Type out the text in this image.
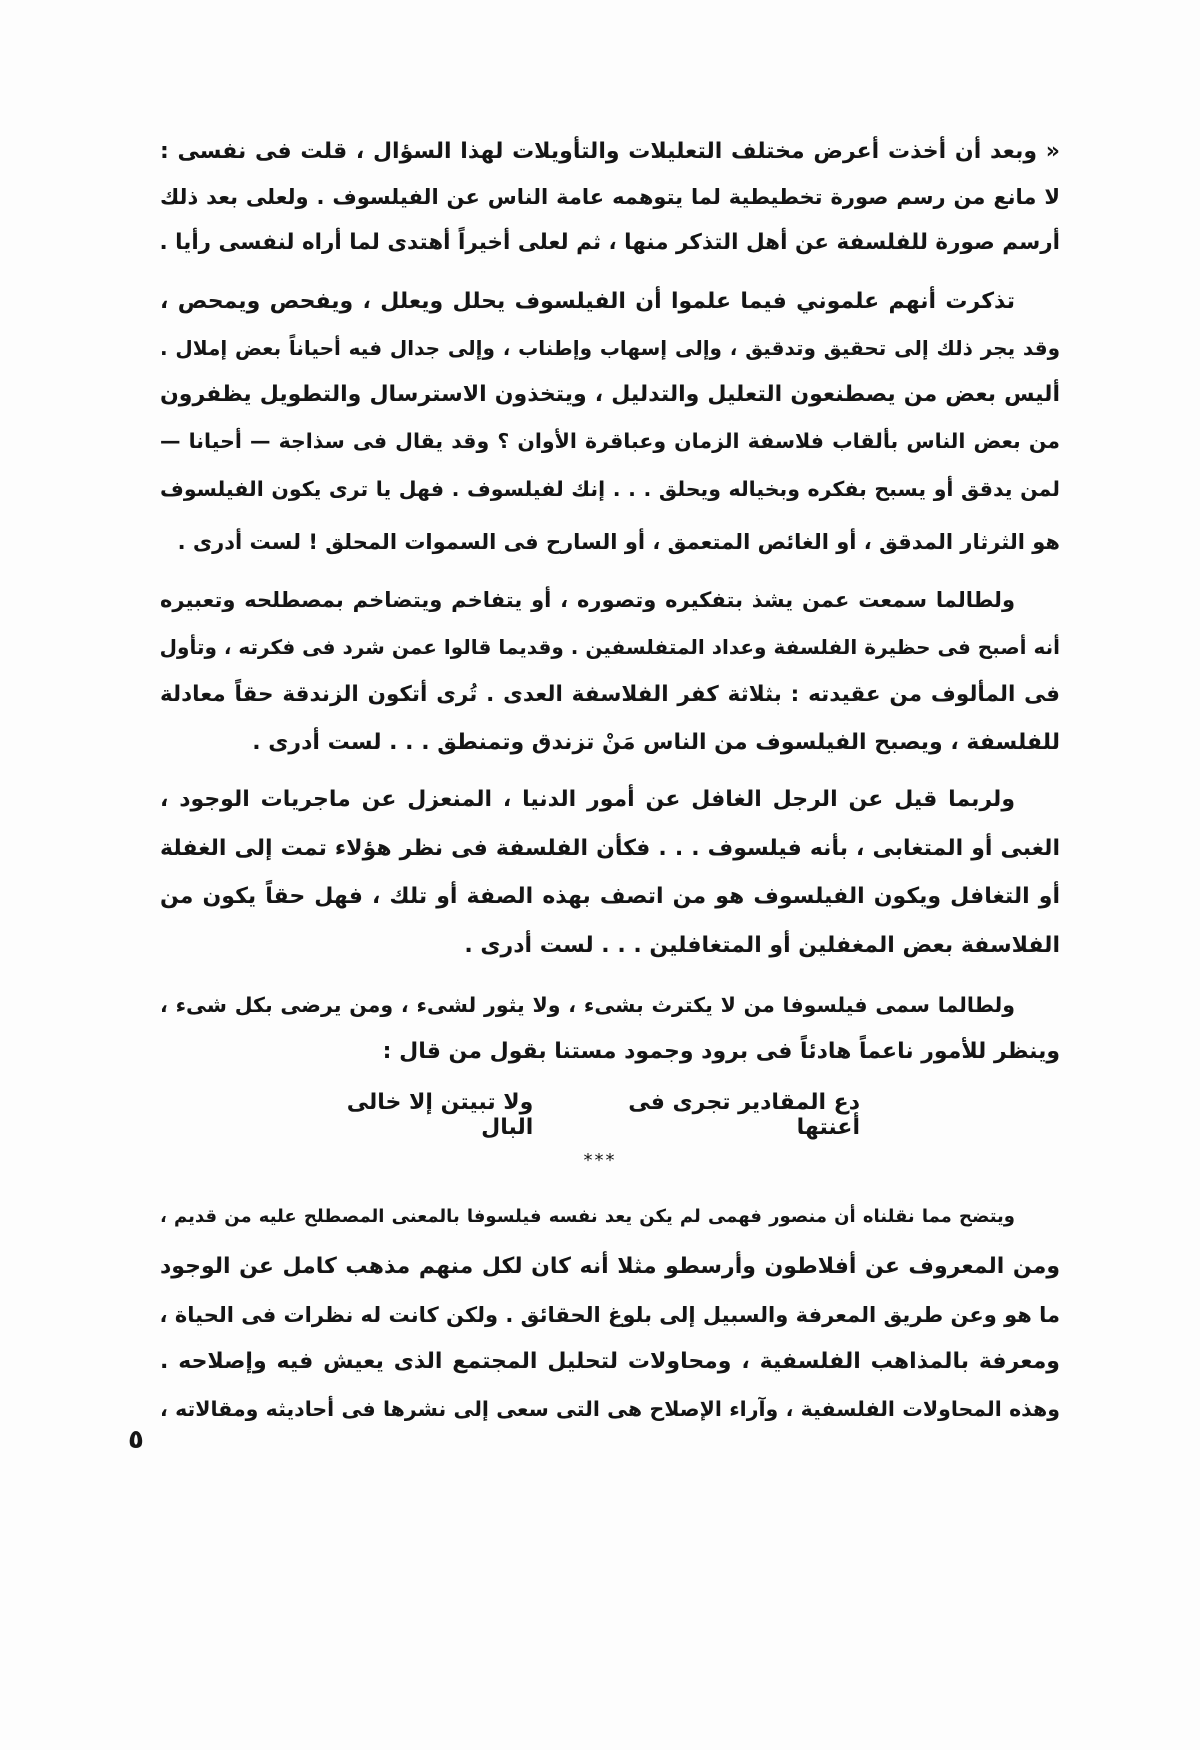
« وبعد أن أخذت أعرض مختلف التعليلات والتأويلات لهذا السؤال ، قلت فى نفسى :
لا مانع من رسم صورة تخطيطية لما يتوهمه عامة الناس عن الفيلسوف . ولعلى بعد ذلك
أرسم صورة للفلسفة عن أهل التذكر منها ، ثم لعلى أخيراً أهتدى لما أراه لنفسى رأيا .
تذكرت أنهم علموني فيما علموا أن الفيلسوف يحلل ويعلل ، ويفحص ويمحص ،
وقد يجر ذلك إلى تحقيق وتدقيق ، وإلى إسهاب وإطناب ، وإلى جدال فيه أحياناً بعض إملال .
أليس بعض من يصطنعون التعليل والتدليل ، ويتخذون الاسترسال والتطويل يظفرون
من بعض الناس بألقاب فلاسفة الزمان وعباقرة الأوان ؟ وقد يقال فى سذاجة — أحيانا —
لمن يدقق أو يسبح بفكره وبخياله ويحلق . . . إنك لفيلسوف . فهل يا ترى يكون الفيلسوف
هو الثرثار المدقق ، أو الغائص المتعمق ، أو السارح فى السموات المحلق ! لست أدرى .
ولطالما سمعت عمن يشذ بتفكيره وتصوره ، أو يتفاخم ويتضاخم بمصطلحه وتعبيره
أنه أصبح فى حظيرة الفلسفة وعداد المتفلسفين . وقديما قالوا عمن شرد فى فكرته ، وتأول
فى المألوف من عقيدته : بثلاثة كفر الفلاسفة العدى . تُرى أتكون الزندقة حقاً معادلة
للفلسفة ، ويصبح الفيلسوف من الناس مَنْ تزندق وتمنطق . . . لست أدرى .
ولربما قيل عن الرجل الغافل عن أمور الدنيا ، المنعزل عن ماجريات الوجود ،
الغبى أو المتغابى ، بأنه فيلسوف . . . فكأن الفلسفة فى نظر هؤلاء تمت إلى الغفلة
أو التغافل ويكون الفيلسوف هو من اتصف بهذه الصفة أو تلك ، فهل حقاً يكون من
الفلاسفة بعض المغفلين أو المتغافلين . . . لست أدرى .
ولطالما سمى فيلسوفا من لا يكترث بشىء ، ولا يثور لشىء ، ومن يرضى بكل شىء ،
وينظر للأمور ناعماً هادئاً فى برود وجمود مستنا بقول من قال :
ويتضح مما نقلناه أن منصور فهمى لم يكن يعد نفسه فيلسوفا بالمعنى المصطلح عليه من قديم ،
ومن المعروف عن أفلاطون وأرسطو مثلا أنه كان لكل منهم مذهب كامل عن الوجود
ما هو وعن طريق المعرفة والسبيل إلى بلوغ الحقائق . ولكن كانت له نظرات فى الحياة ،
ومعرفة بالمذاهب الفلسفية ، ومحاولات لتحليل المجتمع الذى يعيش فيه وإصلاحه .
وهذه المحاولات الفلسفية ، وآراء الإصلاح هى التى سعى إلى نشرها فى أحاديثه ومقالاته ،
دع المقادير تجرى فى أعنتها
ولا تبيتن إلا خالى البال
***
٥
